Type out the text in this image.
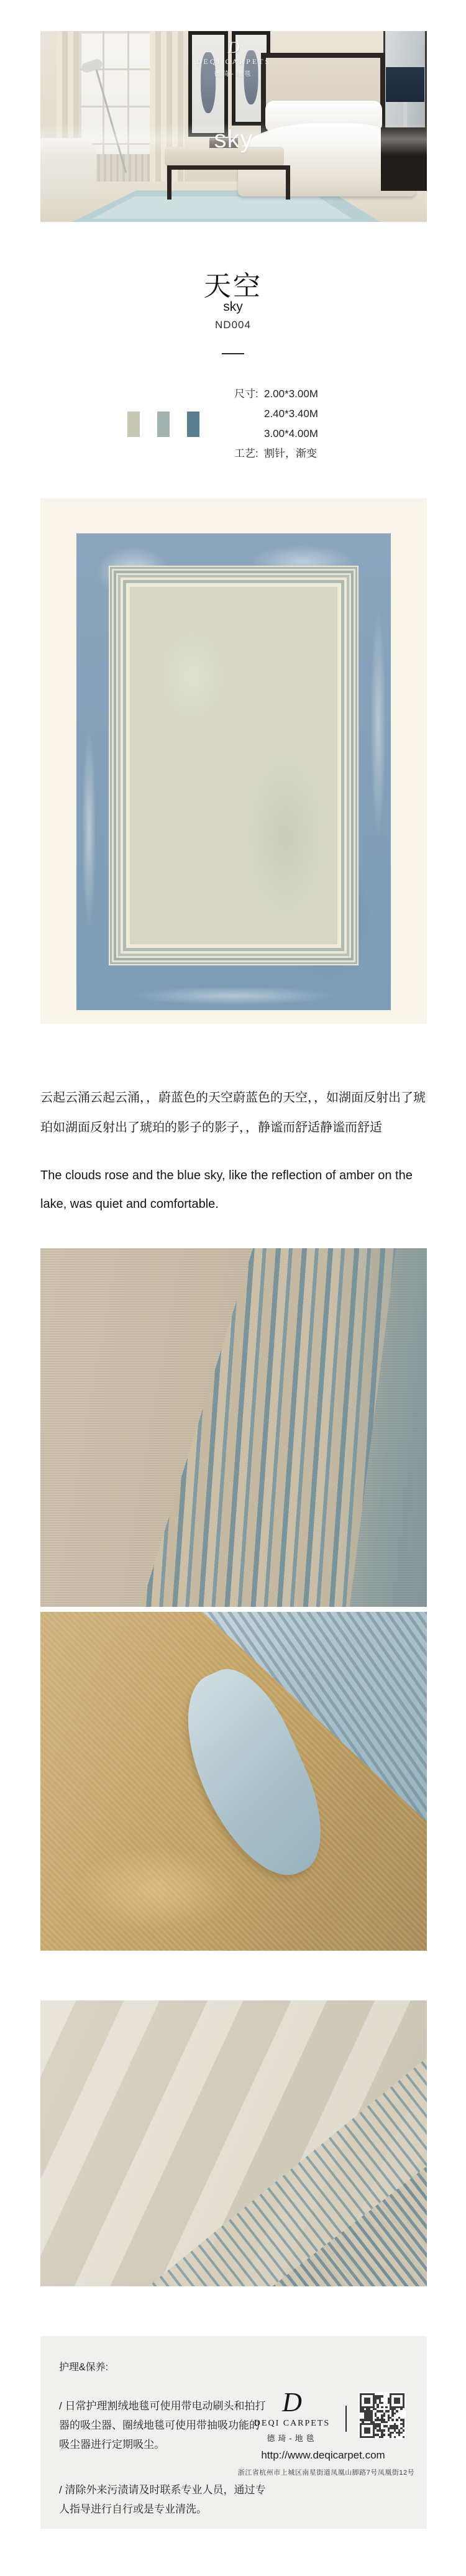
D
DEQI CARPETS
德琦-地毯
sky
天空
sky
ND004
尺寸: 2.00*3.00M
2.40*3.40M
3.00*4.00M
工艺: 割针，渐变

云起云涌云起云涌，，蔚蓝色的天空蔚蓝色的天空，，如湖面反射出了琥珀如湖面反射出了琥珀的影子的影子，，静谧而舒适静谧而舒适

The clouds rose and the blue sky, like the reflection of amber on the lake, was quiet and comfortable.

护理&保养:

/ 日常护理割绒地毯可使用带电动刷头和拍打器的吸尘器、圈绒地毯可使用带抽吸功能的吸尘器进行定期吸尘。

/ 清除外来污渍请及时联系专业人员，通过专人指导进行自行或是专业清洗。

D
DEQI CARPETS
德琦-地毯
http://www.deqicarpet.com
浙江省杭州市上城区南星街道凤凰山脚路7号凤凰街12号
